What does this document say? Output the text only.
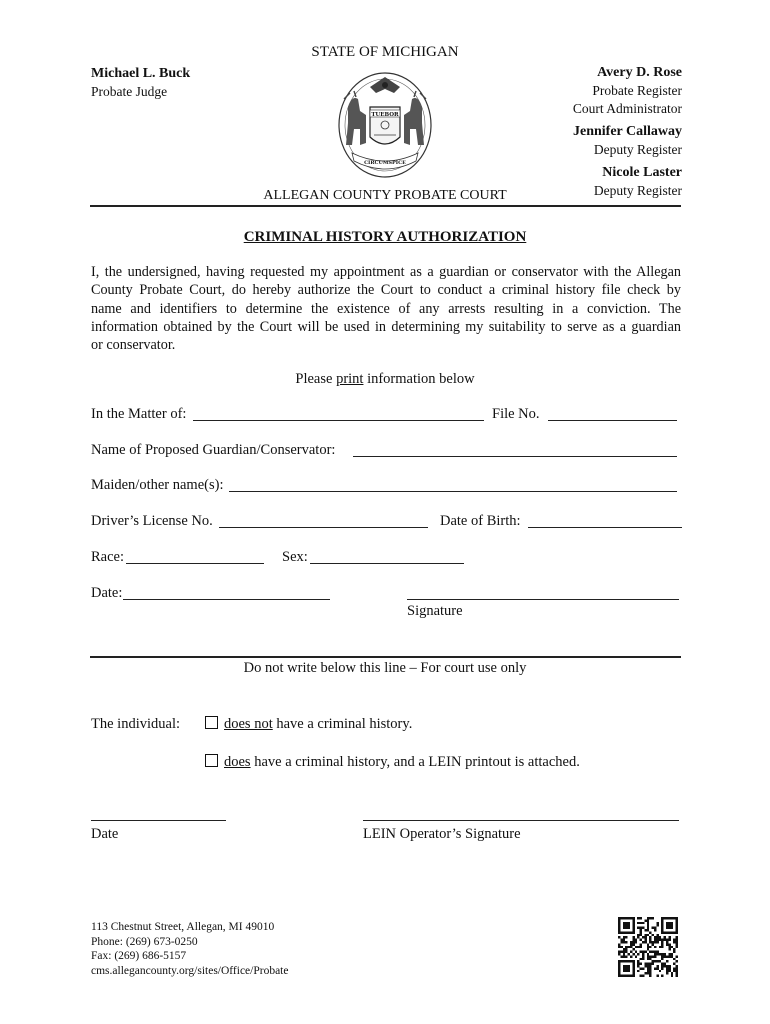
STATE OF MICHIGAN
Michael L. Buck
Probate Judge
Avery D. Rose
Probate Register
Court Administrator
Jennifer Callaway
Deputy Register
Nicole Laster
Deputy Register
TUEBOR
CIRCUMSPICE
ALLEGAN COUNTY PROBATE COURT
CRIMINAL HISTORY AUTHORIZATION
I, the undersigned, having requested my appointment as a guardian or conservator with the Allegan
County Probate Court, do hereby authorize the Court to conduct a criminal history file check by
name and identifiers to determine the existence of any arrests resulting in a conviction. The
information obtained by the Court will be used in determining my suitability to serve as a guardian
or conservator.
Please print information below
In the Matter of:	File No.
Name of Proposed Guardian/Conservator:
Maiden/other name(s):
Driver’s License No.	Date of Birth:
Race:	Sex:
Date:
Signature
Do not write below this line – For court use only
The individual:	does not have a criminal history.
does have a criminal history, and a LEIN printout is attached.
Date	LEIN Operator’s Signature
113 Chestnut Street, Allegan, MI 49010
Phone: (269) 673-0250
Fax: (269) 686-5157
cms.allegancounty.org/sites/Office/Probate
